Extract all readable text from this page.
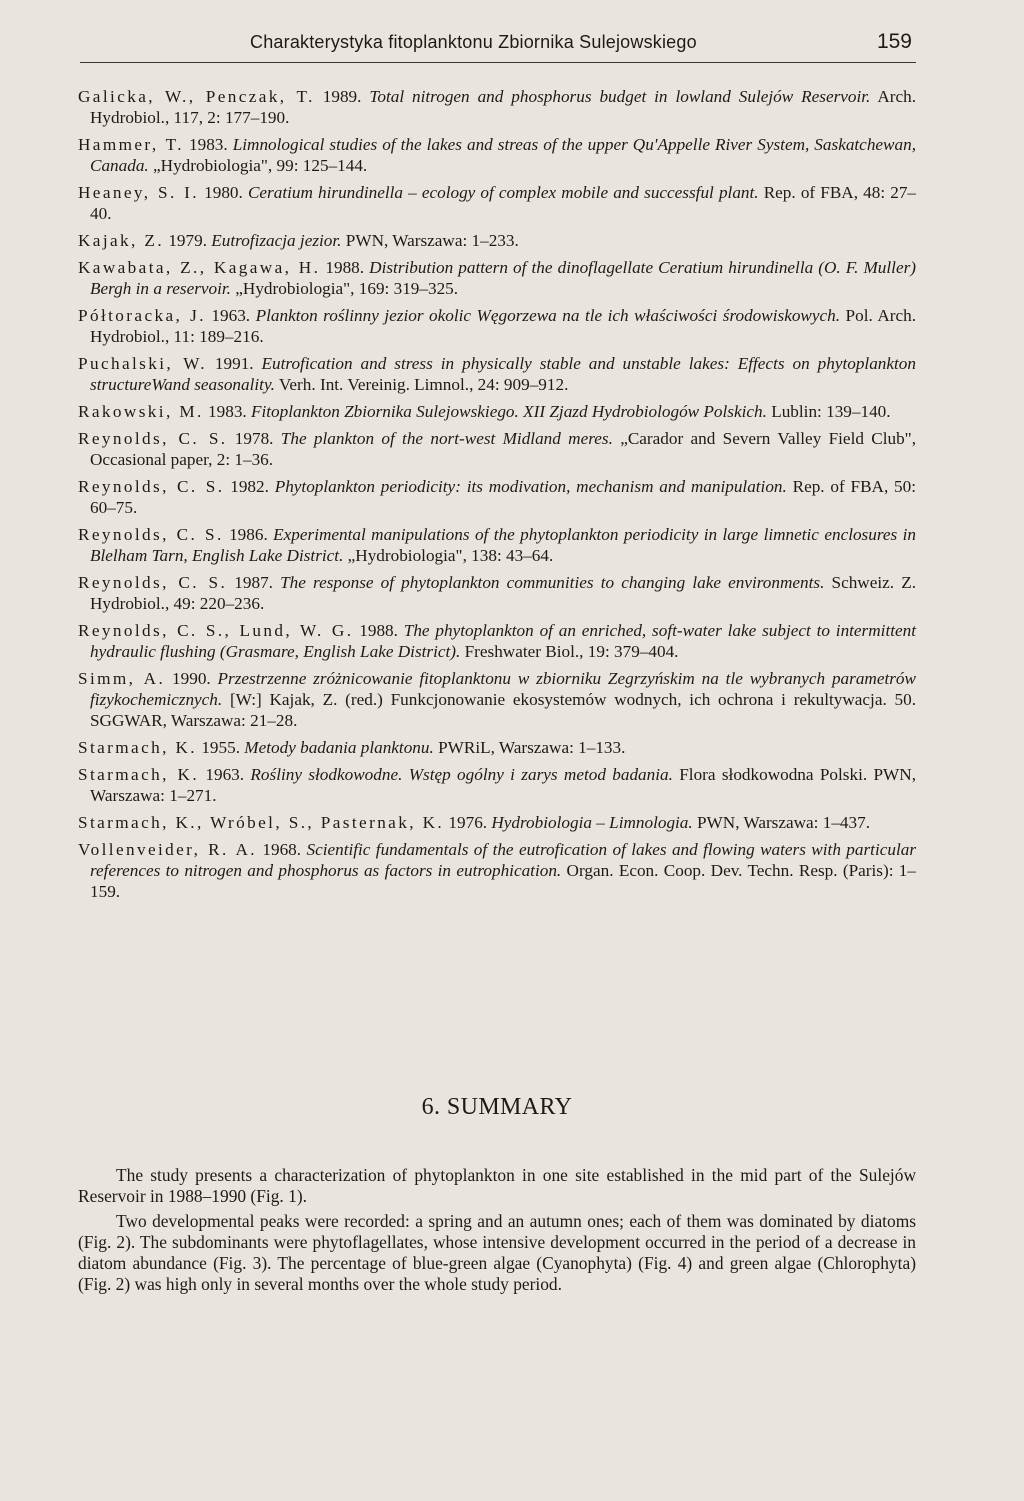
Charakterystyka fitoplanktonu Zbiornika Sulejowskiego	159

Galicka, W., Penczak, T. 1989. Total nitrogen and phosphorus budget in lowland Sulejów Reservoir. Arch. Hydrobiol., 117, 2: 177–190.

Hammer, T. 1983. Limnological studies of the lakes and streas of the upper Qu'Appelle River System, Saskatchewan, Canada. „Hydrobiologia", 99: 125–144.

Heaney, S. I. 1980. Ceratium hirundinella – ecology of complex mobile and successful plant. Rep. of FBA, 48: 27–40.

Kajak, Z. 1979. Eutrofizacja jezior. PWN, Warszawa: 1–233.

Kawabata, Z., Kagawa, H. 1988. Distribution pattern of the dinoflagellate Ceratium hirundinella (O. F. Muller) Bergh in a reservoir. „Hydrobiologia", 169: 319–325.

Półtoracka, J. 1963. Plankton roślinny jezior okolic Węgorzewa na tle ich właściwości środowiskowych. Pol. Arch. Hydrobiol., 11: 189–216.

Puchalski, W. 1991. Eutrofication and stress in physically stable and unstable lakes: Effects on phytoplankton structureWand seasonality. Verh. Int. Vereinig. Limnol., 24: 909–912.

Rakowski, M. 1983. Fitoplankton Zbiornika Sulejowskiego. XII Zjazd Hydrobiologów Polskich. Lublin: 139–140.

Reynolds, C. S. 1978. The plankton of the nort-west Midland meres. „Carador and Severn Valley Field Club", Occasional paper, 2: 1–36.

Reynolds, C. S. 1982. Phytoplankton periodicity: its modivation, mechanism and manipulation. Rep. of FBA, 50: 60–75.

Reynolds, C. S. 1986. Experimental manipulations of the phytoplankton periodicity in large limnetic enclosures in Blelham Tarn, English Lake District. „Hydrobiologia", 138: 43–64.

Reynolds, C. S. 1987. The response of phytoplankton communities to changing lake environments. Schweiz. Z. Hydrobiol., 49: 220–236.

Reynolds, C. S., Lund, W. G. 1988. The phytoplankton of an enriched, soft-water lake subject to intermittent hydraulic flushing (Grasmare, English Lake District). Freshwater Biol., 19: 379–404.

Simm, A. 1990. Przestrzenne zróżnicowanie fitoplanktonu w zbiorniku Zegrzyńskim na tle wybranych parametrów fizykochemicznych. [W:] Kajak, Z. (red.) Funkcjonowanie ekosystemów wodnych, ich ochrona i rekultywacja. 50. SGGWAR, Warszawa: 21–28.

Starmach, K. 1955. Metody badania planktonu. PWRiL, Warszawa: 1–133.

Starmach, K. 1963. Rośliny słodkowodne. Wstęp ogólny i zarys metod badania. Flora słodkowodna Polski. PWN, Warszawa: 1–271.

Starmach, K., Wróbel, S., Pasternak, K. 1976. Hydrobiologia – Limnologia. PWN, Warszawa: 1–437.

Vollenveider, R. A. 1968. Scientific fundamentals of the eutrofication of lakes and flowing waters with particular references to nitrogen and phosphorus as factors in eutrophication. Organ. Econ. Coop. Dev. Techn. Resp. (Paris): 1–159.

6. SUMMARY

The study presents a characterization of phytoplankton in one site established in the mid part of the Sulejów Reservoir in 1988–1990 (Fig. 1).

Two developmental peaks were recorded: a spring and an autumn ones; each of them was dominated by diatoms (Fig. 2). The subdominants were phytoflagellates, whose intensive development occurred in the period of a decrease in diatom abundance (Fig. 3). The percentage of blue-green algae (Cyanophyta) (Fig. 4) and green algae (Chlorophyta) (Fig. 2) was high only in several months over the whole study period.
